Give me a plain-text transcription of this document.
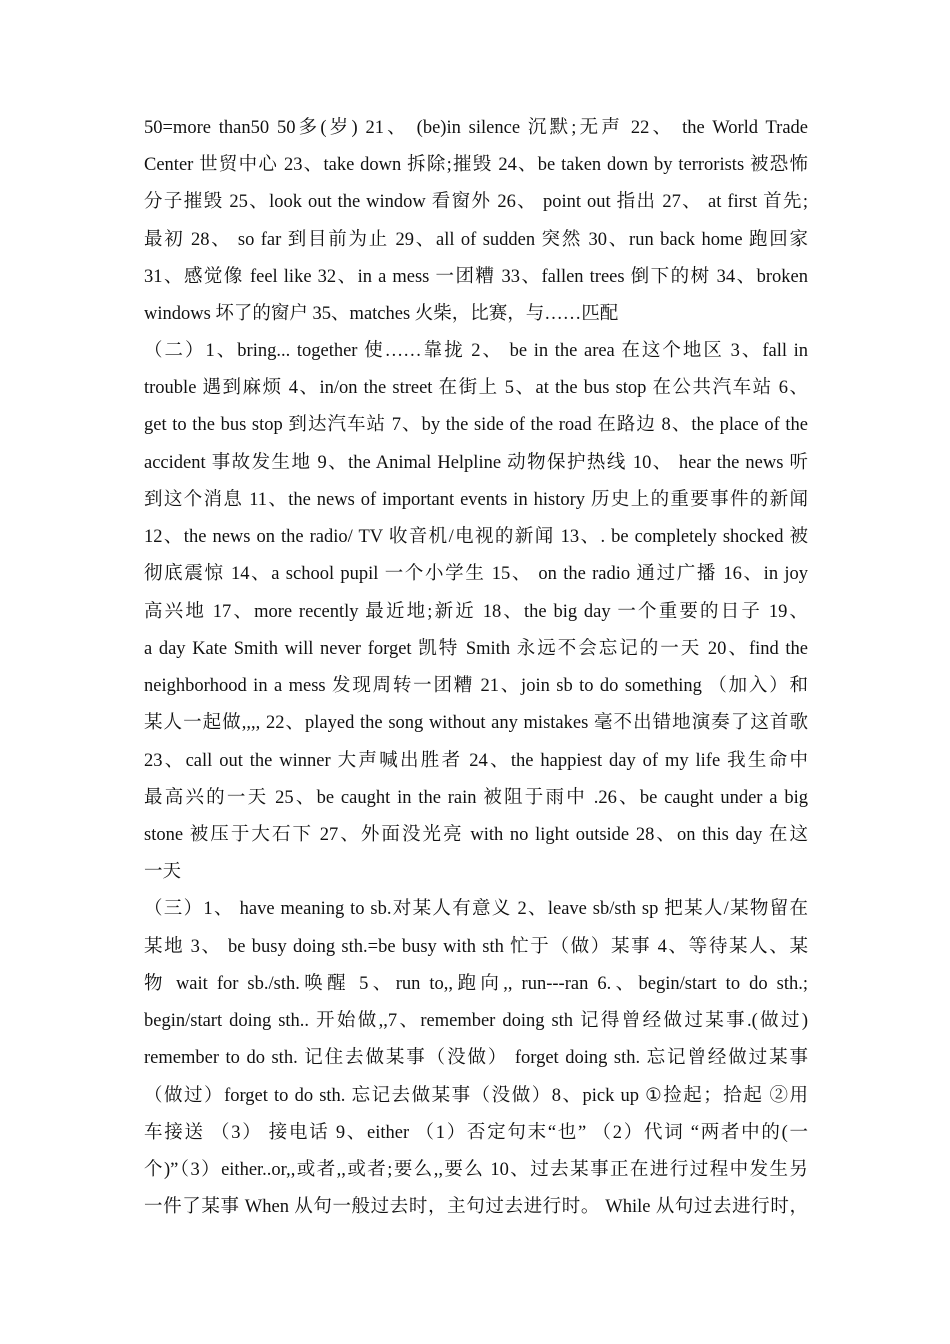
50=more than50 50多(岁) 21、 (be)in silence 沉默;无声 22、 the World Trade
Center 世贸中心 23、take down 拆除;摧毁 24、be taken down by terrorists 被恐怖
分子摧毁 25、look out the window 看窗外 26、 point out 指出 27、 at first 首先;
最初 28、 so far 到目前为止 29、all of sudden 突然 30、run back home 跑回家
31、感觉像 feel like 32、in a mess 一团糟 33、fallen trees 倒下的树 34、broken
windows 坏了的窗户 35、matches 火柴，比赛，与……匹配
（二）1、bring... together 使……靠拢 2、 be in the area 在这个地区 3、fall in
trouble 遇到麻烦 4、in/on the street 在街上 5、at the bus stop 在公共汽车站 6、
get to the bus stop 到达汽车站 7、by the side of the road 在路边 8、the place of the
accident 事故发生地 9、the Animal Helpline 动物保护热线 10、 hear the news 听
到这个消息 11、the news of important events in history 历史上的重要事件的新闻
12、the news on the radio/ TV 收音机/电视的新闻 13、. be completely shocked 被
彻底震惊 14、a school pupil 一个小学生 15、 on the radio 通过广播 16、in joy
高兴地 17、more recently 最近地;新近 18、the big day 一个重要的日子 19、
a day Kate Smith will never forget 凯特 Smith 永远不会忘记的一天 20、find the
neighborhood in a mess 发现周转一团糟 21、join sb to do something （加入）和
某人一起做,,,, 22、played the song without any mistakes 毫不出错地演奏了这首歌
23、call out the winner 大声喊出胜者 24、the happiest day of my life 我生命中
最高兴的一天 25、be caught in the rain 被阻于雨中 .26、be caught under a big
stone 被压于大石下 27、外面没光亮 with no light outside 28、on this day 在这
一天
（三）1、 have meaning to sb.对某人有意义 2、leave sb/sth sp 把某人/某物留在
某地 3、 be busy doing sth.=be busy with sth 忙于（做）某事 4、等待某人、某
物 wait for sb./sth.唤醒 5、run to,,跑向,, run---ran 6.、begin/start to do sth.;
begin/start doing sth.. 开始做,,7、remember doing sth 记得曾经做过某事.(做过)
remember to do sth. 记住去做某事（没做） forget doing sth. 忘记曾经做过某事
（做过）forget to do sth. 忘记去做某事（没做）8、pick up ①捡起；拾起 ②用
车接送 （3） 接电话 9、either （1）否定句末“也” （2）代词 “两者中的(一
个)”（3）either..or,,或者,,或者;要么,,要么 10、过去某事正在进行过程中发生另
一件了某事 When 从句一般过去时，主句过去进行时。 While 从句过去进行时，
